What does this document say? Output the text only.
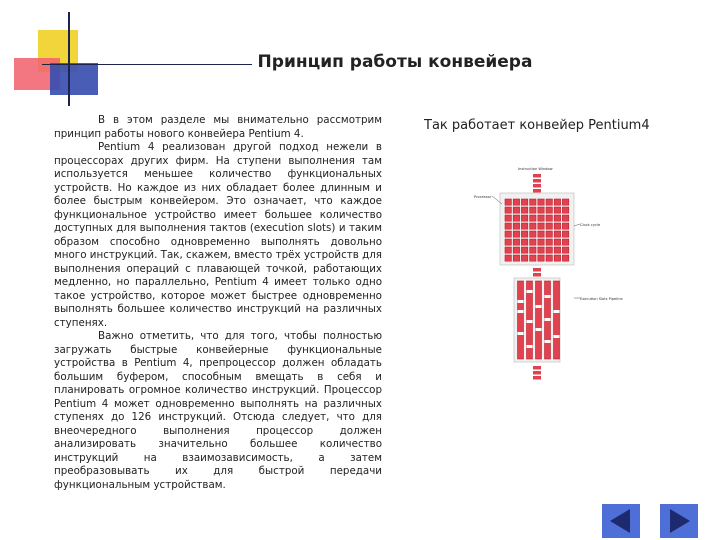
Принцип работы конвейера

В в этом разделе мы внимательно рассмотрим принцип работы нового конвейера Pentium 4.

Pentium 4 реализован другой подход нежели в процессорах других фирм. На ступени выполнения там используется меньшее количество функциональных устройств. Но каждое из них обладает более длинным и более быстрым конвейером. Это означает, что каждое функциональное устройство имеет большее количество доступных для выполнения тактов (execution slots) и таким образом способно одновременно выполнять довольно много инструкций. Так, скажем, вместо трёх устройств для выполнения операций с плавающей точкой, работающих медленно, но параллельно, Pentium 4 имеет только одно такое устройство, которое может быстрее одновременно выполнять большее количество инструкций на различных ступенях.

Важно отметить, что для того, чтобы полностью загружать быстрые конвейерные функциональные устройства в Pentium 4, препроцессор должен обладать большим буфером, способным вмещать в себя и планировать огромное количество инструкций. Процессор Pentium 4 может одновременно выполнять на различных ступенях до 126 инструкций. Отсюда следует, что для внеочередного выполнения процессор должен анализировать значительно большее количество инструкций на взаимозависимость, а затем преобразовывать их для быстрой передачи функциональным устройствам.

Так работает конвейер Pentium4

Instruction Window
Processor
Clock cycle
Execution Slots Pipeline
